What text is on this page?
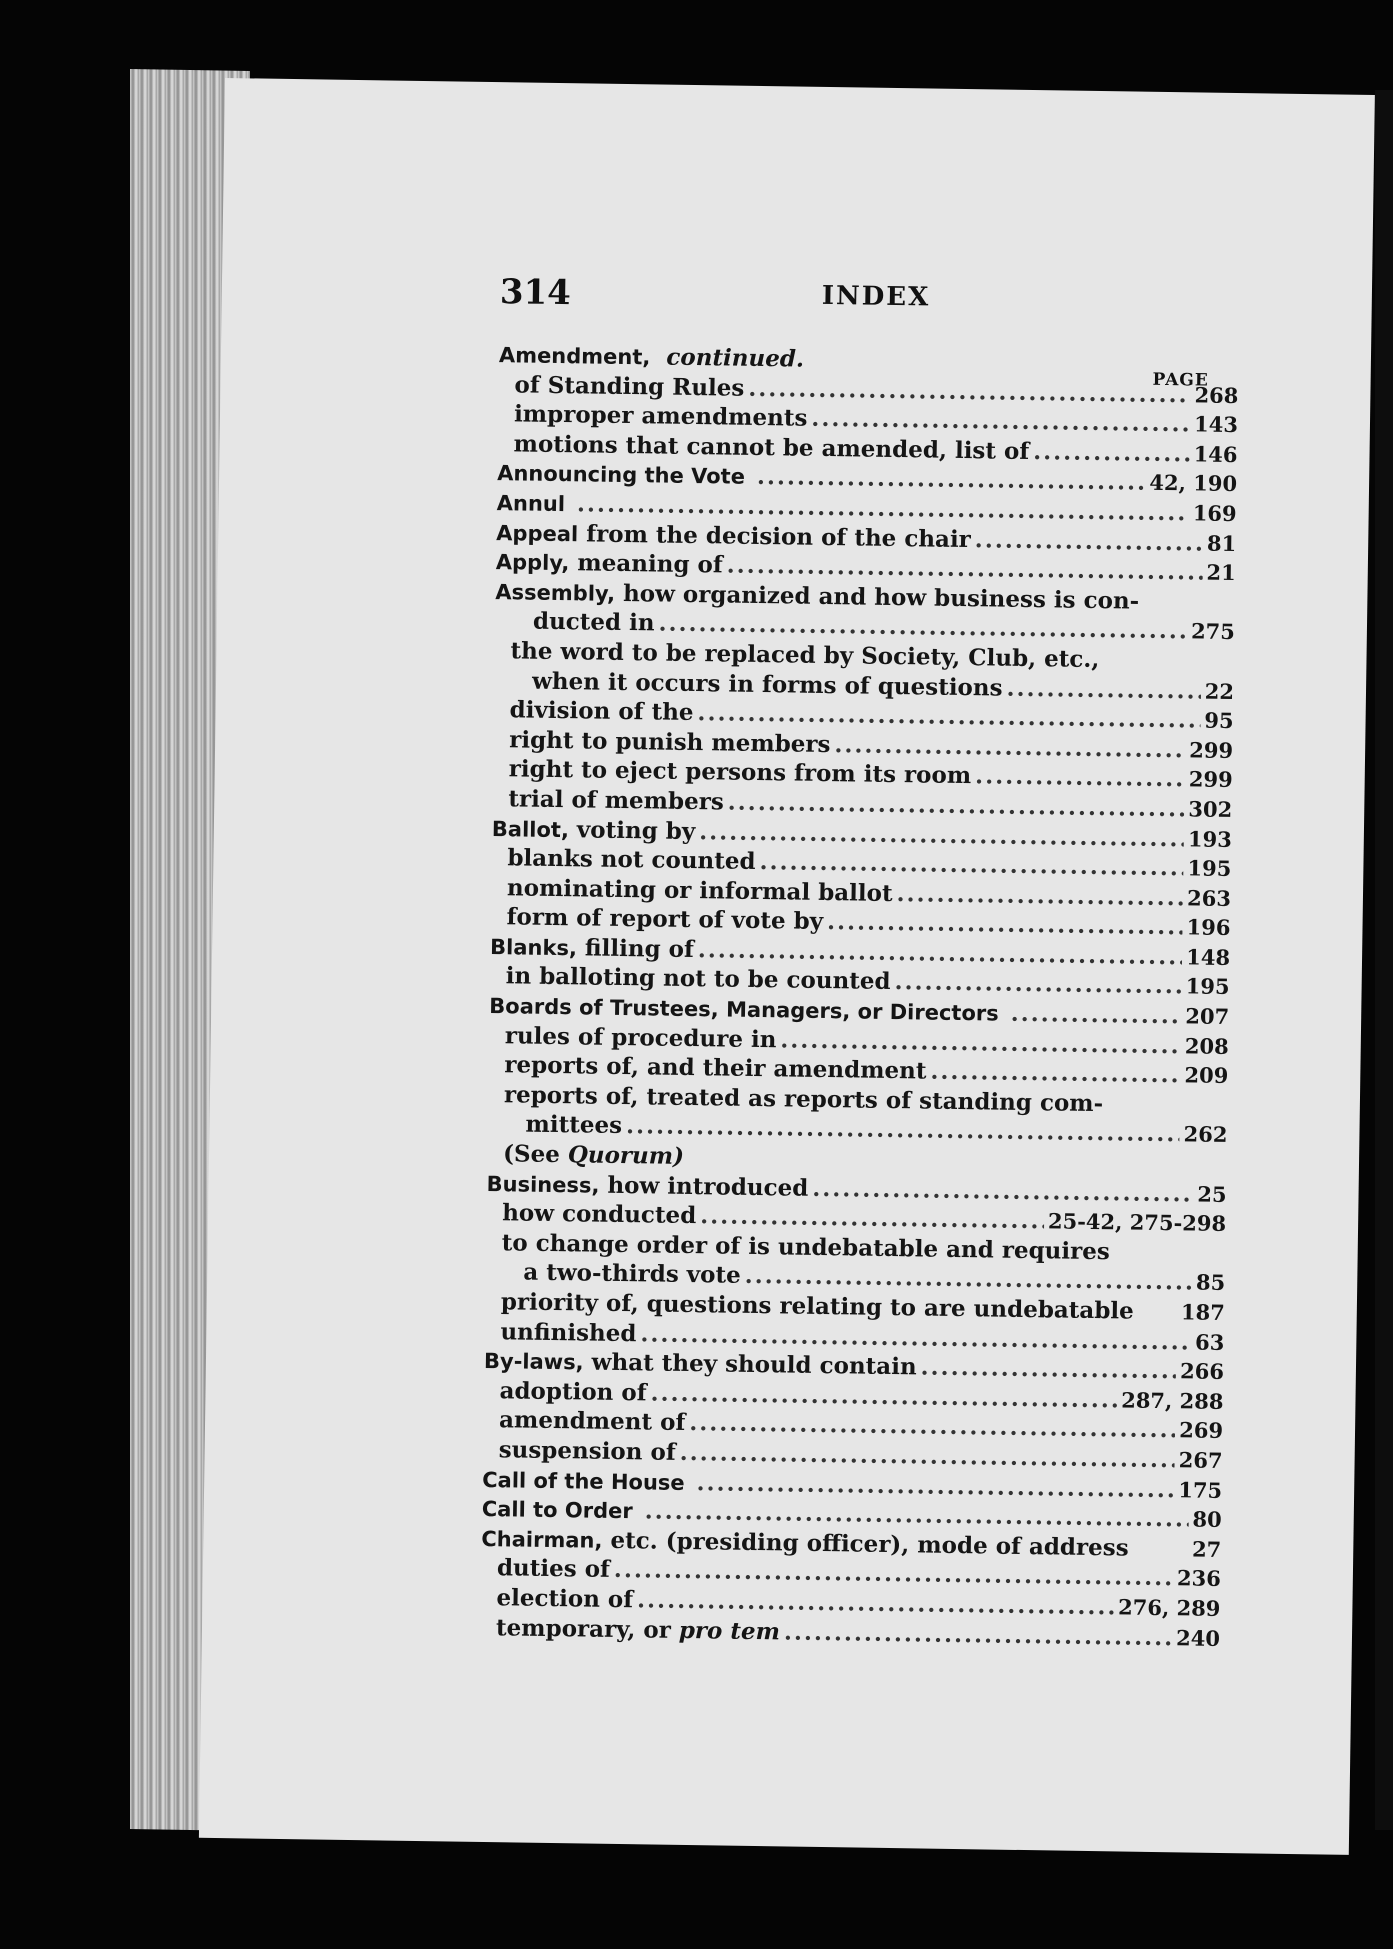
314	INDEX
PAGE
Amendment, continued.
of Standing Rules .....	268
improper amendments .....	143
motions that cannot be amended, list of .....	146
Announcing the Vote .....	42, 190
Annul .....	169
Appeal from the decision of the chair .....	81
Apply, meaning of .....	21
Assembly, how organized and how business is con-
ducted in .....	275
the word to be replaced by Society, Club, etc.,
when it occurs in forms of questions .....	22
division of the .....	95
right to punish members .....	299
right to eject persons from its room .....	299
trial of members .....	302
Ballot, voting by .....	193
blanks not counted .....	195
nominating or informal ballot .....	263
form of report of vote by .....	196
Blanks, filling of .....	148
in balloting not to be counted .....	195
Boards of Trustees, Managers, or Directors .....	207
rules of procedure in .....	208
reports of, and their amendment .....	209
reports of, treated as reports of standing com-
mittees .....	262
(See Quorum)
Business, how introduced .....	25
how conducted .....	25-42, 275-298
to change order of is undebatable and requires
a two-thirds vote .....	85
priority of, questions relating to are undebatable 187
unfinished .....	63
By-laws, what they should contain .....	266
adoption of .....	287, 288
amendment of .....	269
suspension of .....	267
Call of the House .....	175
Call to Order .....	80
Chairman, etc. (presiding officer), mode of address	27
duties of .....	236
election of .....	276, 289
temporary, or pro tem .....	240
